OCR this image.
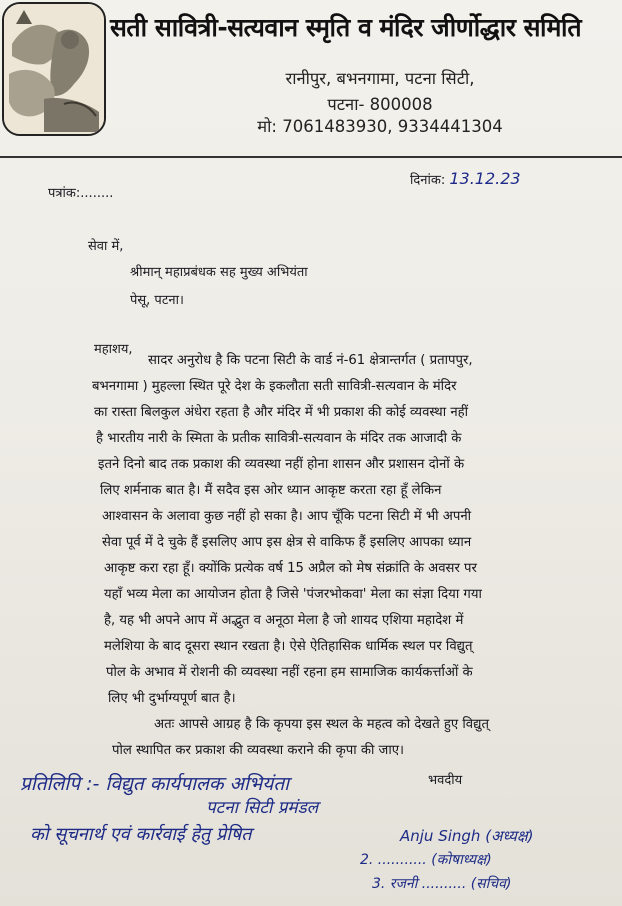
सती सावित्री-सत्यवान स्मृति व मंदिर जीर्णोद्धार समिति
रानीपुर, बभनगामा, पटना सिटी,
पटना- 800008
मो: 7061483930, 9334441304
पत्रांक:........
दिनांक: 13.12.23
सेवा में,
श्रीमान् महाप्रबंधक सह मुख्य अभियंता
पेसू, पटना।
महाशय,
सादर अनुरोध है कि पटना सिटी के वार्ड नं-61 क्षेत्रान्तर्गत ( प्रतापपुर,
बभनगामा ) मुहल्ला स्थित पूरे देश के इकलौता सती सावित्री-सत्यवान के मंदिर
का रास्ता बिलकुल अंधेरा रहता है और मंदिर में भी प्रकाश की कोई व्यवस्था नहीं
है भारतीय नारी के स्मिता के प्रतीक सावित्री-सत्यवान के मंदिर तक आजादी के
इतने दिनो बाद तक प्रकाश की व्यवस्था नहीं होना शासन और प्रशासन दोनों के
लिए शर्मनाक बात है। मैं सदैव इस ओर ध्यान आकृष्ट करता रहा हूँ लेकिन
आश्वासन के अलावा कुछ नहीं हो सका है। आप चूँकि पटना सिटी में भी अपनी
सेवा पूर्व में दे चुके हैं इसलिए आप इस क्षेत्र से वाकिफ हैं इसलिए आपका ध्यान
आकृष्ट करा रहा हूँ। क्योंकि प्रत्येक वर्ष 15 अप्रैल को मेष संक्रांति के अवसर पर
यहाँ भव्य मेला का आयोजन होता है जिसे 'पंजरभोकवा' मेला का संज्ञा दिया गया
है, यह भी अपने आप में अद्भुत व अनूठा मेला है जो शायद एशिया महादेश में
मलेशिया के बाद दूसरा स्थान रखता है। ऐसे ऐतिहासिक धार्मिक स्थल पर विद्युत्
पोल के अभाव में रोशनी की व्यवस्था नहीं रहना हम सामाजिक कार्यकर्त्ताओं के
लिए भी दुर्भाग्यपूर्ण बात है।
अतः आपसे आग्रह है कि कृपया इस स्थल के महत्व को देखते हुए विद्युत्
पोल स्थापित कर प्रकाश की व्यवस्था कराने की कृपा की जाए।
भवदीय
प्रतिलिपि :- विद्युत कार्यपालक अभियंता
पटना सिटी प्रमंडल
को सूचनार्थ एवं कार्रवाई हेतु प्रेषित	Anju Singh (अध्यक्ष)
2. ........... (कोषाध्यक्ष)
3. रजनी .......... (सचिव)
